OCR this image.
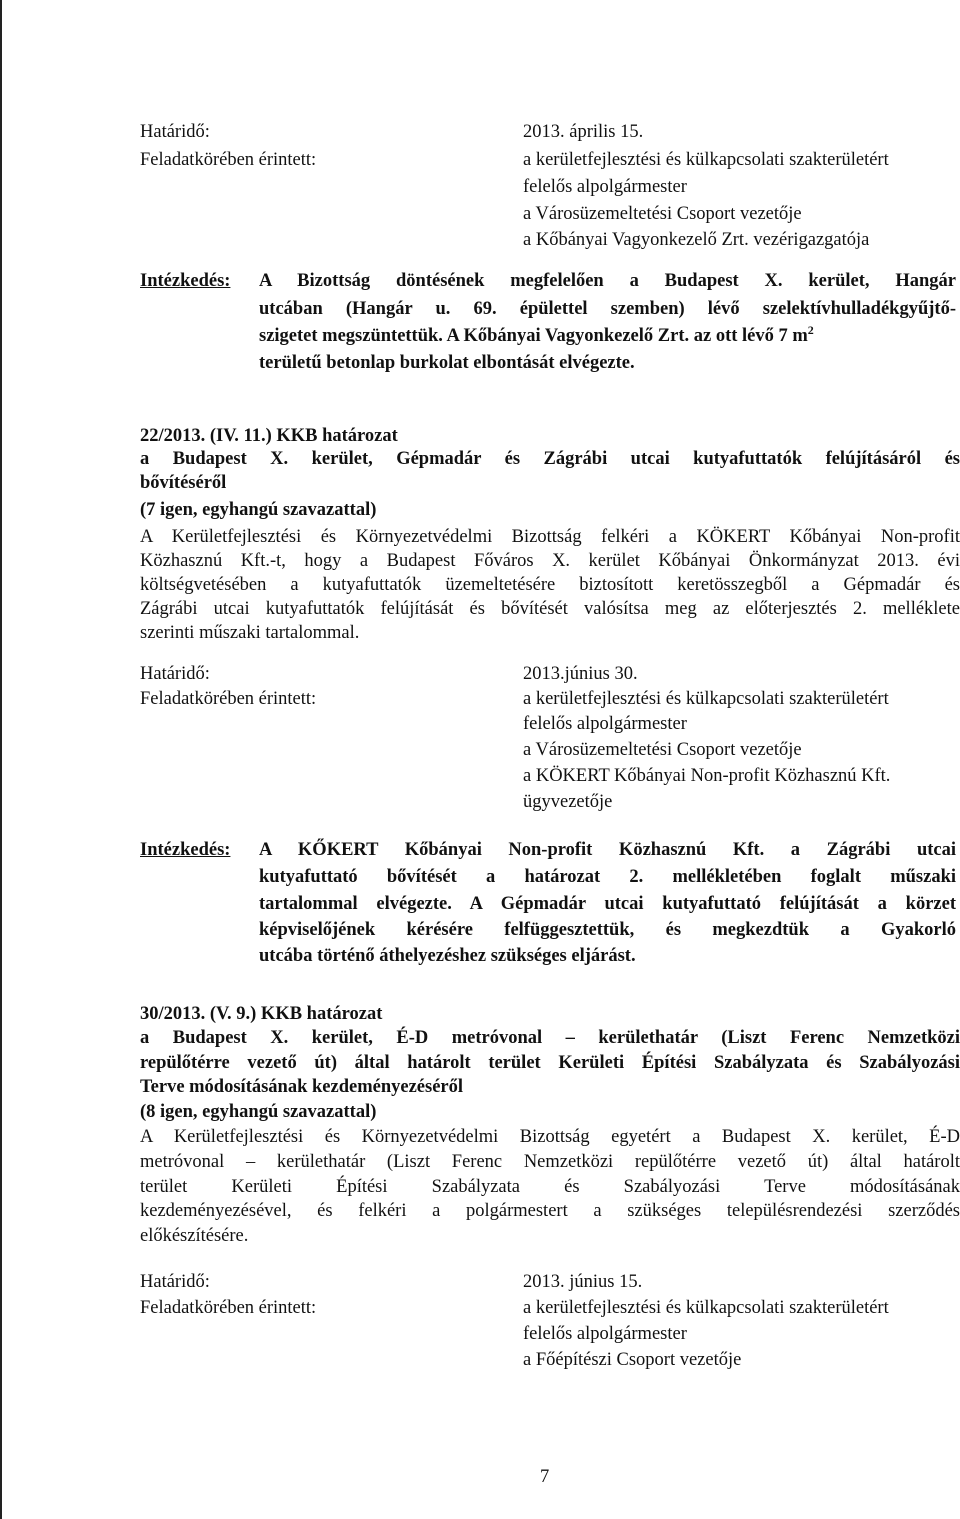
Határidő:	2013. április 15.
Feladatkörében érintett:	a kerületfejlesztési és külkapcsolati szakterületért
felelős alpolgármester
a Városüzemeltetési Csoport vezetője
a Kőbányai Vagyonkezelő Zrt. vezérigazgatója
Intézkedés: A Bizottság döntésének megfelelően a Budapest X. kerület, Hangár
utcában (Hangár u. 69. épülettel szemben) lévő szelektívhulladékgyűjtő-
szigetet megszüntettük. A Kőbányai Vagyonkezelő Zrt. az ott lévő 7 $m^2$
területű betonlap burkolat elbontását elvégezte.
22/2013. (IV. 11.) KKB határozat
a Budapest X. kerület, Gépmadár és Zágrábi utcai kutyafuttatók felújításáról és
bővítéséről
(7 igen, egyhangú szavazattal)
A Kerületfejlesztési és Környezetvédelmi Bizottság felkéri a KÖKERT Kőbányai Non-profit
Közhasznú Kft.-t, hogy a Budapest Főváros X. kerület Kőbányai Önkormányzat 2013. évi
költségvetésében a kutyafuttatók üzemeltetésére biztosított keretösszegből a Gépmadár és
Zágrábi utcai kutyafuttatók felújítását és bővítését valósítsa meg az előterjesztés 2. melléklete
szerinti műszaki tartalommal.
Határidő:	2013.június 30.
Feladatkörében érintett:	a kerületfejlesztési és külkapcsolati szakterületért
felelős alpolgármester
a Városüzemeltetési Csoport vezetője
a KÖKERT Kőbányai Non-profit Közhasznú Kft.
ügyvezetője
Intézkedés: A KŐKERT Kőbányai Non-profit Közhasznú Kft. a Zágrábi utcai
kutyafuttató bővítését a határozat 2. mellékletében foglalt műszaki
tartalommal elvégezte. A Gépmadár utcai kutyafuttató felújítását a körzet
képviselőjének kérésére felfüggesztettük, és megkezdtük a Gyakorló
utcába történő áthelyezéshez szükséges eljárást.
30/2013. (V. 9.) KKB határozat
a Budapest X. kerület, É-D metróvonal – kerülethatár (Liszt Ferenc Nemzetközi
repülőtérre vezető út) által határolt terület Kerületi Építési Szabályzata és Szabályozási
Terve módosításának kezdeményezéséről
(8 igen, egyhangú szavazattal)
A Kerületfejlesztési és Környezetvédelmi Bizottság egyetért a Budapest X. kerület, É-D
metróvonal – kerülethatár (Liszt Ferenc Nemzetközi repülőtérre vezető út) által határolt
terület Kerületi Építési Szabályzata és Szabályozási Terve módosításának
kezdeményezésével, és felkéri a polgármestert a szükséges településrendezési szerződés
előkészítésére.
Határidő:	2013. június 15.
Feladatkörében érintett:	a kerületfejlesztési és külkapcsolati szakterületért
felelős alpolgármester
a Főépítészi Csoport vezetője
7
